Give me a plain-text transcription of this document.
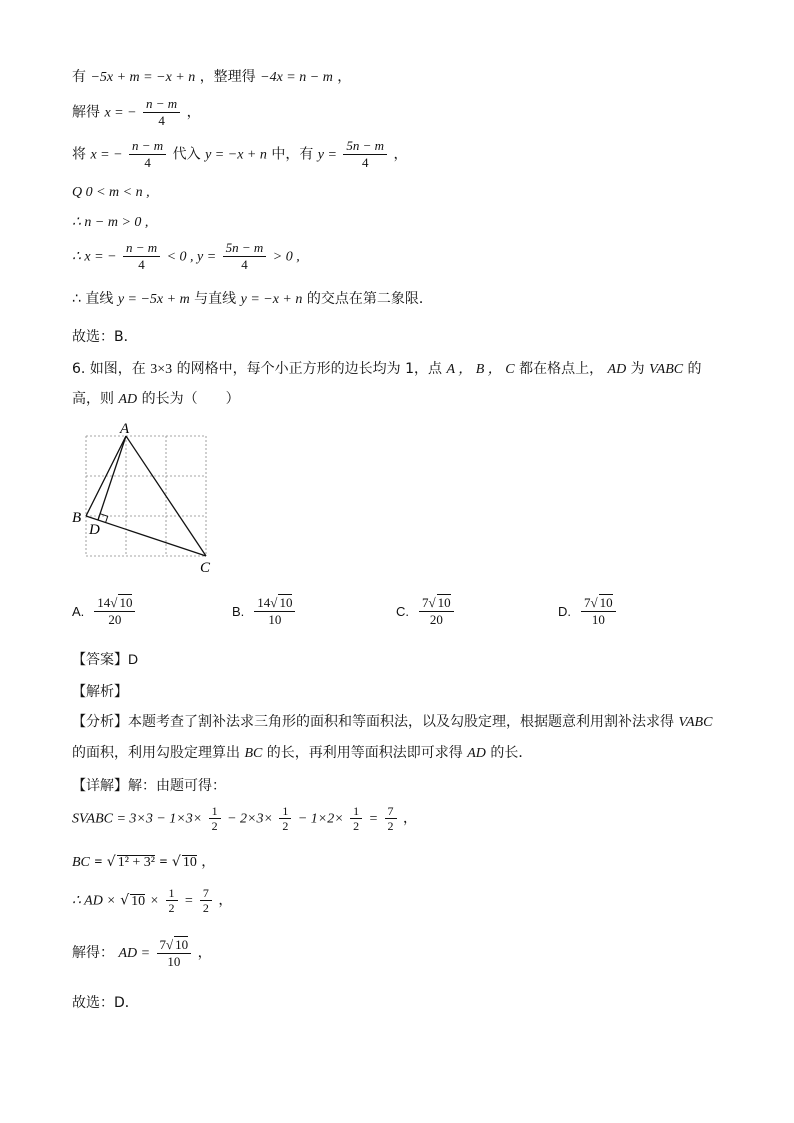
有 −5x + m = −x + n ，整理得 −4x = n − m ，
解得 x = − $\frac{n - m}{4}$ ，
将 x = − $\frac{n - m}{4}$ 代入 y = −x + n 中，有 $y = \frac{5n - m}{4}$ ，
Q 0 < m < n ,
∴ n − m > 0 ,
∴ x = − $\frac{n - m}{4} < 0$ , $y = \frac{5n - m}{4} > 0$ ,
∴ 直线 y = −5x + m 与直线 y = −x + n 的交点在第二象限．
故选：B．
6. 如图，在 3×3 的网格中，每个小正方形的边长均为 1，点 A ， B ， C 都在格点上， AD 为 VABC 的
高，则 AD 的长为（　　）
A
B
C
D
A. $\frac{14√ 10}{20}$	B. $\frac{14√ 10}{10}$	C. $\frac{7√ 10}{20}$	D. $\frac{7√ 10}{10}$
【答案】D
【解析】
【分析】本题考查了割补法求三角形的面积和等面积法，以及勾股定理，根据题意利用割补法求得 VABC
的面积，利用勾股定理算出 BC 的长，再利用等面积法即可求得 AD 的长．
【详解】解：由题可得：
SVABC = $3\times 3 - 1\times 3\times \frac{1}{2} - 2\times 3\times \frac{1}{2} - 1\times 2\times \frac{1}{2} = \frac{7}{2}$ ，
BC = √ 1² + 3² = √ 10 ，
∴ AD × √ $10 \times \frac{1}{2} = \frac{7}{2}$ ，
解得： AD = $\frac{7√ 10}{10}$ ，
故选：D．
